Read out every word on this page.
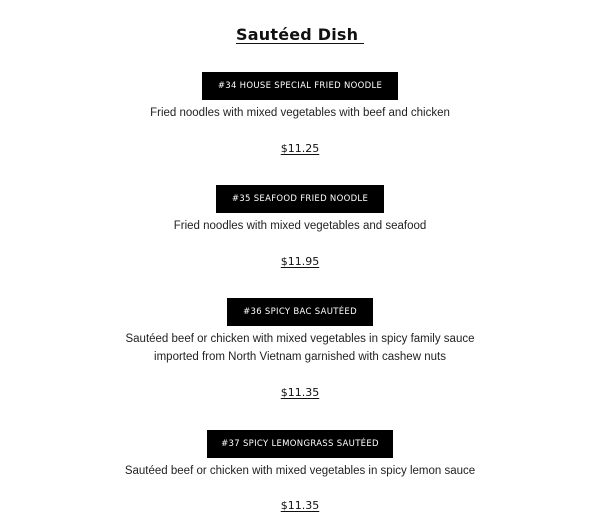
Sautéed Dish
#34 HOUSE SPECIAL FRIED NOODLE
Fried noodles with mixed vegetables with beef and chicken
$11.25
#35 SEAFOOD FRIED NOODLE
Fried noodles with mixed vegetables and seafood
$11.95
#36 SPICY BAC SAUTÉED
Sautéed beef or chicken with mixed vegetables in spicy family sauce
imported from North Vietnam garnished with cashew nuts
$11.35
#37 SPICY LEMONGRASS SAUTÉED
Sautéed beef or chicken with mixed vegetables in spicy lemon sauce
$11.35
